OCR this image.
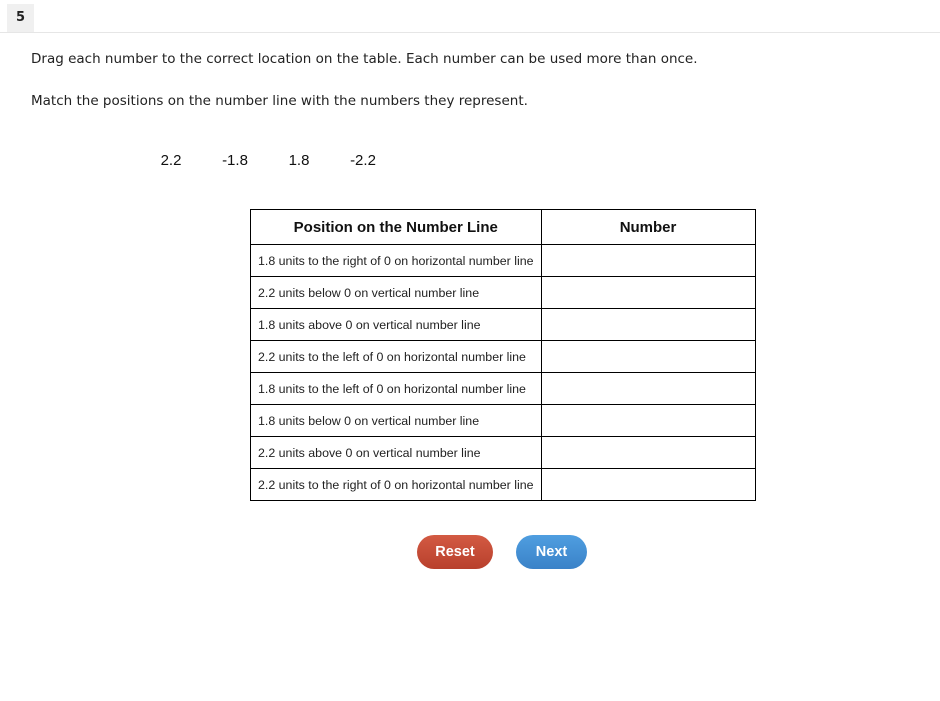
5
Drag each number to the correct location on the table. Each number can be used more than once.
Match the positions on the number line with the numbers they represent.
2.2	-1.8	1.8	-2.2
Position on the Number Line	Number
1.8 units to the right of 0 on horizontal number line	
2.2 units below 0 on vertical number line	
1.8 units above 0 on vertical number line	
2.2 units to the left of 0 on horizontal number line	
1.8 units to the left of 0 on horizontal number line	
1.8 units below 0 on vertical number line	
2.2 units above 0 on vertical number line	
2.2 units to the right of 0 on horizontal number line	
Reset	Next
